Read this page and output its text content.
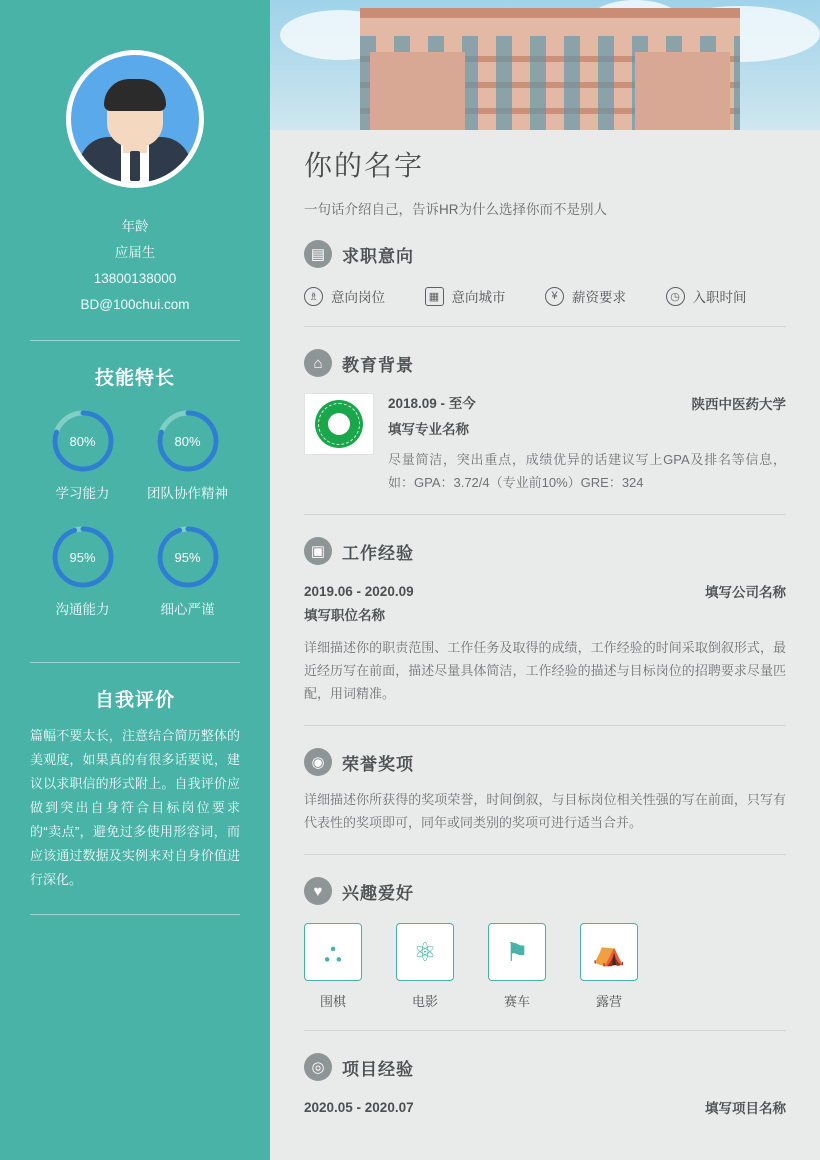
年龄
应届生
13800138000
BD@100chui.com
技能特长
80%
学习能力
80%
团队协作精神
95%
沟通能力
95%
细心严谨
自我评价
篇幅不要太长，注意结合简历整体的美观度，如果真的有很多话要说，建议以求职信的形式附上。自我评价应做到突出自身符合目标岗位要求的“卖点”，避免过多使用形容词，而应该通过数据及实例来对自身价值进行深化。
你的名字
一句话介绍自己，告诉HR为什么选择你而不是别人
▤ 求职意向
♗ 意向岗位	▦ 意向城市	¥	薪资要求	◷ 入职时间
⌂	教育背景
2018.09 - 至今	陕西中医药大学
填写专业名称
尽量简洁，突出重点，成绩优异的话建议写上GPA及排名等信息，如：GPA：3.72/4（专业前10%）GRE：324
▣ 工作经验
2019.06 - 2020.09	填写公司名称
填写职位名称
详细描述你的职责范围、工作任务及取得的成绩，工作经验的时间采取倒叙形式，最近经历写在前面，描述尽量具体简洁，工作经验的描述与目标岗位的招聘要求尽量匹配，用词精准。
◉	荣誉奖项
详细描述你所获得的奖项荣誉，时间倒叙，与目标岗位相关性强的写在前面，只写有代表性的奖项即可，同年或同类别的奖项可进行适当合并。
♥	兴趣爱好
⛬
围棋
⚛
电影
⚑
赛车
⛺
露营
◎	项目经验
2020.05 - 2020.07	填写项目名称
